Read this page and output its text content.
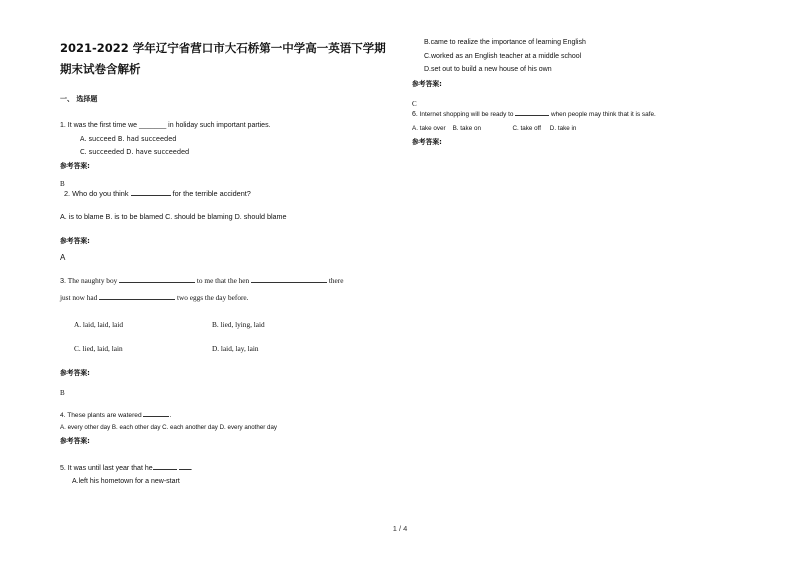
2021-2022 学年辽宁省营口市大石桥第一中学高一英语下学期
期末试卷含解析
一、 选择题
1. It was the first time we _______ in holiday such important parties.
A. succeed B. had succeeded
C. succeeded D. have succeeded
参考答案:
B
2. Who do you think	for the terrible accident?
A. is to blame B. is to be blamed C. should be blaming D. should blame
参考答案:
A
3. The naughty boy	to me that the hen	there
just now had	two eggs the day before.
A. laid, laid, laid	B. lied, lying, laid
C. lied, laid, lain	D. laid, lay, lain
参考答案:
B
4. These plants are watered	.
A. every other day B. each other day C. each another day D. every another day
参考答案:
5. It was until last year that he	.
A.left his hometown for a new-start
B.came to realize the importance of learning English
C.worked as an English teacher at a middle school
D.set out to build a new house of his own
参考答案:
C
6. Internet shopping will be ready to	when people may think that it is safe.
A. take over    B. take on                  C. take off     D. take in
参考答案:
1 / 4
